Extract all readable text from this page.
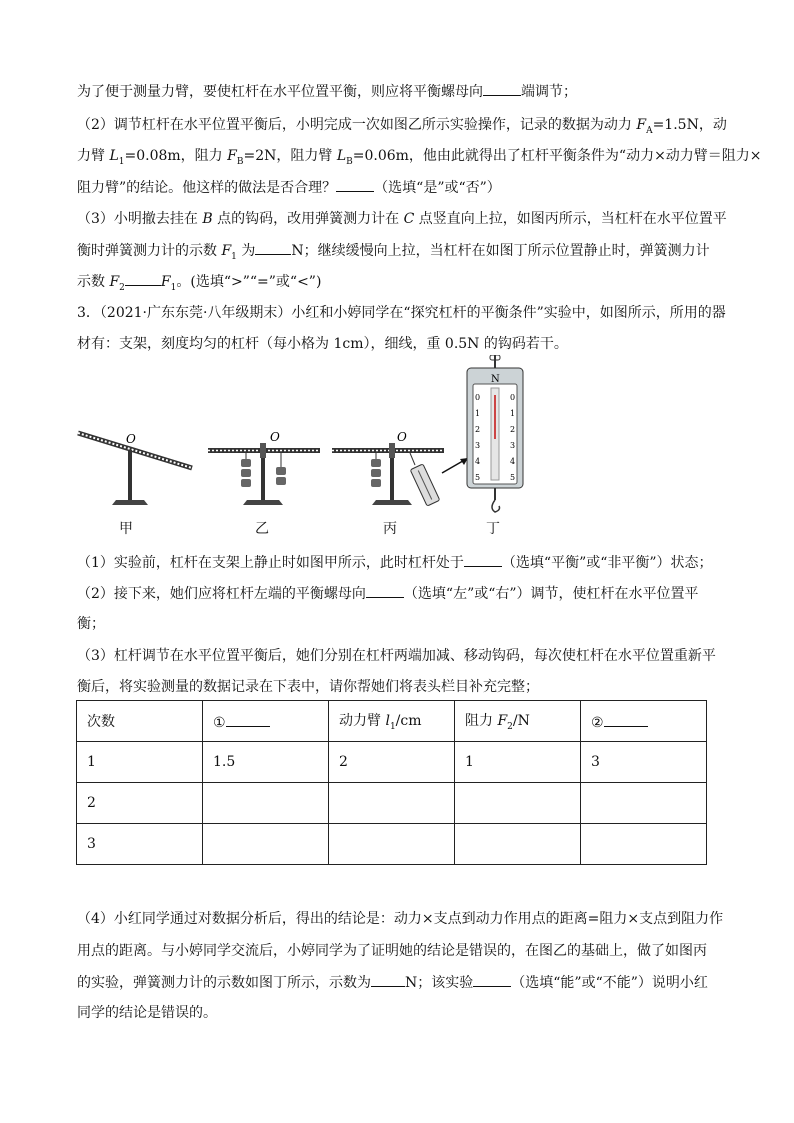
为了便于测量力臂，要使杠杆在水平位置平衡，则应将平衡螺母向	端调节；
（2）调节杠杆在水平位置平衡后，小明完成一次如图乙所示实验操作，记录的数据为动力 $F_A=1.5N$，动
力臂 $L_1=0.08m$，阻力 $F_B=2N$，阻力臂 $L_B=0.06m$，他由此就得出了杠杆平衡条件为“动力×动力臂＝阻力×
阻力臂”的结论。他这样的做法是否合理？	（选填“是”或“否”）
（3）小明撤去挂在 B 点的钩码，改用弹簧测力计在 C 点竖直向上拉，如图丙所示，当杠杆在水平位置平
衡时弹簧测力计的示数 $F_1$ 为	N；继续缓慢向上拉，当杠杆在如图丁所示位置静止时，弹簧测力计
示数 $F_2$	$F_1$。(选填“>”“=”或“<”)
3．（2021·广东东莞·八年级期末）小红和小婷同学在“探究杠杆的平衡条件”实验中，如图所示，所用的器
材有：支架，刻度均匀的杠杆（每小格为 1cm），细线，重 0.5N 的钩码若干。
O	O	O
N
0
1
2
3
4
5
0
1
2
3
4
5
甲	乙	丙	丁
（1）实验前，杠杆在支架上静止时如图甲所示，此时杠杆处于	（选填“平衡”或“非平衡”）状态；
（2）接下来，她们应将杠杆左端的平衡螺母向	（选填“左”或“右”）调节，使杠杆在水平位置平
衡；
（3）杠杆调节在水平位置平衡后，她们分别在杠杆两端加减、移动钩码，每次使杠杆在水平位置重新平
衡后，将实验测量的数据记录在下表中，请你帮她们将表头栏目补充完整；
次数	①	动力臂 $l_1/cm$	阻力 $F_2/N$	②
1	1.5	2	1	3
2				
3				
（4）小红同学通过对数据分析后，得出的结论是：动力×支点到动力作用点的距离=阻力×支点到阻力作
用点的距离。与小婷同学交流后，小婷同学为了证明她的结论是错误的，在图乙的基础上，做了如图丙
的实验，弹簧测力计的示数如图丁所示，示数为 N；该实验	（选填“能”或“不能”）说明小红
同学的结论是错误的。
